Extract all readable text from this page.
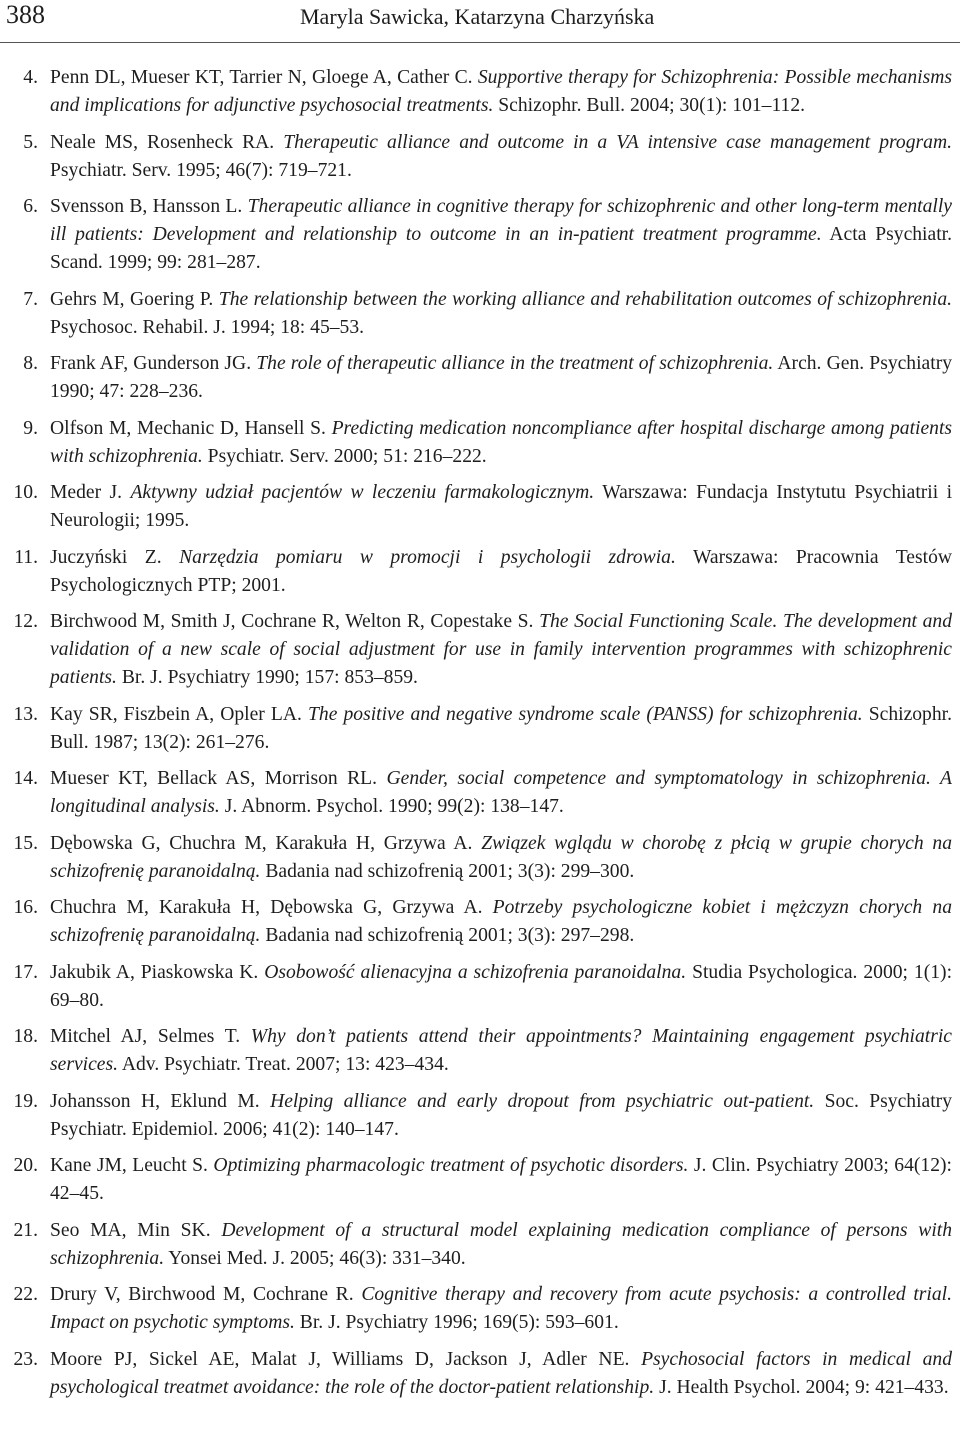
388	Maryla Sawicka, Katarzyna Charzyńska
4. Penn DL, Mueser KT, Tarrier N, Gloege A, Cather C. Supportive therapy for Schizophrenia: Possible mechanisms and implications for adjunctive psychosocial treatments. Schizophr. Bull. 2004; 30(1): 101–112.
5. Neale MS, Rosenheck RA. Therapeutic alliance and outcome in a VA intensive case management program. Psychiatr. Serv. 1995; 46(7): 719–721.
6. Svensson B, Hansson L. Therapeutic alliance in cognitive therapy for schizophrenic and other long-term mentally ill patients: Development and relationship to outcome in an in-patient treatment programme. Acta Psychiatr. Scand. 1999; 99: 281–287.
7. Gehrs M, Goering P. The relationship between the working alliance and rehabilitation outcomes of schizophrenia. Psychosoc. Rehabil. J. 1994; 18: 45–53.
8. Frank AF, Gunderson JG. The role of therapeutic alliance in the treatment of schizophrenia. Arch. Gen. Psychiatry 1990; 47: 228–236.
9. Olfson M, Mechanic D, Hansell S. Predicting medication noncompliance after hospital discharge among patients with schizophrenia. Psychiatr. Serv. 2000; 51: 216–222.
10. Meder J. Aktywny udział pacjentów w leczeniu farmakologicznym. Warszawa: Fundacja Instytutu Psychiatrii i Neurologii; 1995.
11. Juczyński Z. Narzędzia pomiaru w promocji i psychologii zdrowia. Warszawa: Pracownia Testów Psychologicznych PTP; 2001.
12. Birchwood M, Smith J, Cochrane R, Welton R, Copestake S. The Social Functioning Scale. The development and validation of a new scale of social adjustment for use in family intervention programmes with schizophrenic patients. Br. J. Psychiatry 1990; 157: 853–859.
13. Kay SR, Fiszbein A, Opler LA. The positive and negative syndrome scale (PANSS) for schizophrenia. Schizophr. Bull. 1987; 13(2): 261–276.
14. Mueser KT, Bellack AS, Morrison RL. Gender, social competence and symptomatology in schizophrenia. A longitudinal analysis. J. Abnorm. Psychol. 1990; 99(2): 138–147.
15. Dębowska G, Chuchra M, Karakuła H, Grzywa A. Związek wglądu w chorobę z płcią w grupie chorych na schizofrenię paranoidalną. Badania nad schizofrenią 2001; 3(3): 299–300.
16. Chuchra M, Karakuła H, Dębowska G, Grzywa A. Potrzeby psychologiczne kobiet i mężczyzn chorych na schizofrenię paranoidalną. Badania nad schizofrenią 2001; 3(3): 297–298.
17. Jakubik A, Piaskowska K. Osobowość alienacyjna a schizofrenia paranoidalna. Studia Psychologica. 2000; 1(1): 69–80.
18. Mitchel AJ, Selmes T. Why don’t patients attend their appointments? Maintaining engagement psychiatric services. Adv. Psychiatr. Treat. 2007; 13: 423–434.
19. Johansson H, Eklund M. Helping alliance and early dropout from psychiatric out-patient. Soc. Psychiatry Psychiatr. Epidemiol. 2006; 41(2): 140–147.
20. Kane JM, Leucht S. Optimizing pharmacologic treatment of psychotic disorders. J. Clin. Psychiatry 2003; 64(12): 42–45.
21. Seo MA, Min SK. Development of a structural model explaining medication compliance of persons with schizophrenia. Yonsei Med. J. 2005; 46(3): 331–340.
22. Drury V, Birchwood M, Cochrane R. Cognitive therapy and recovery from acute psychosis: a controlled trial. Impact on psychotic symptoms. Br. J. Psychiatry 1996; 169(5): 593–601.
23. Moore PJ, Sickel AE, Malat J, Williams D, Jackson J, Adler NE. Psychosocial factors in medical and psychological treatmet avoidance: the role of the doctor-patient relationship. J. Health Psychol. 2004; 9: 421–433.
